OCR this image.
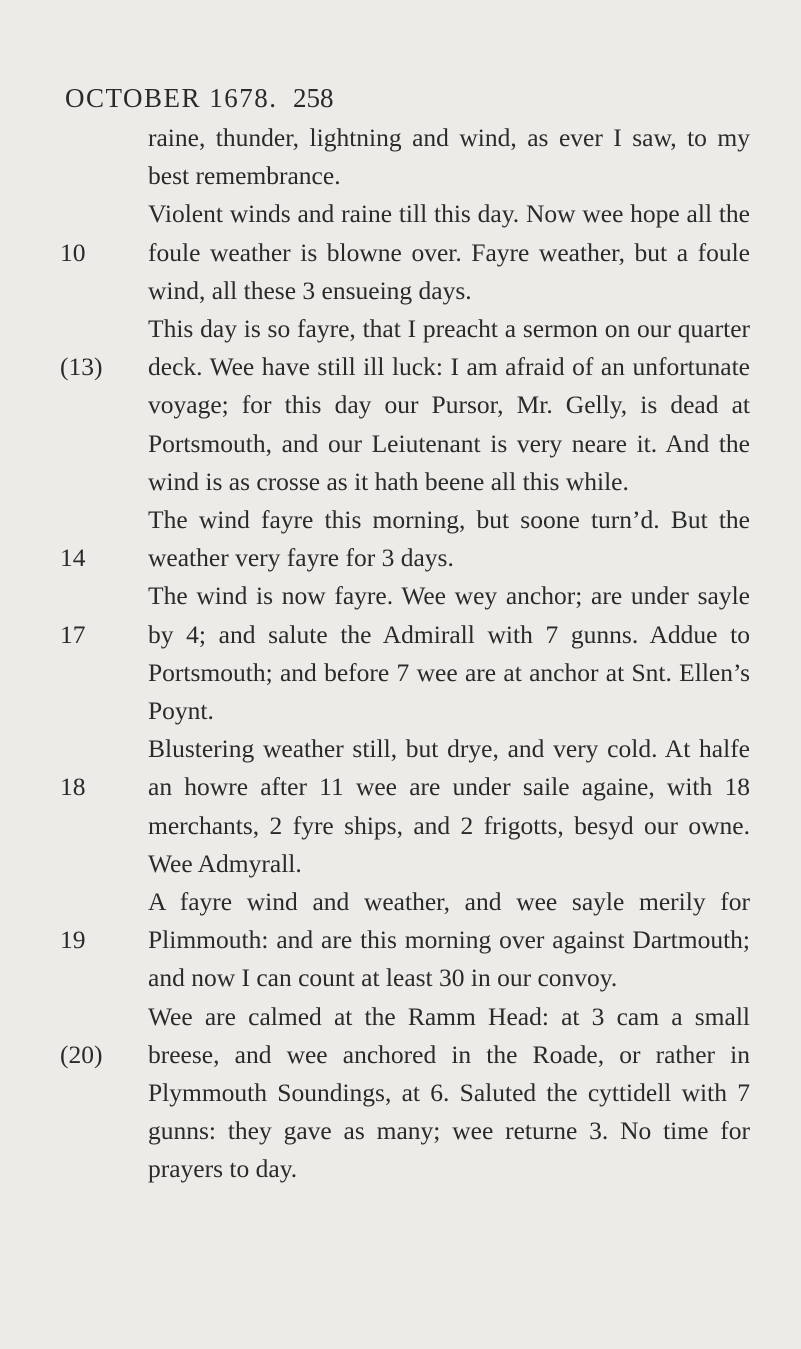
OCTOBER 1678. 258
raine, thunder, lightning and wind, as ever I saw, to my best remembrance.
10
Violent winds and raine till this day. Now wee hope all the foule weather is blowne over. Fayre weather, but a foule wind, all these 3 ensueing days.
(13)
This day is so fayre, that I preacht a sermon on our quarter deck. Wee have still ill luck: I am afraid of an unfortunate voyage; for this day our Pursor, Mr. Gelly, is dead at Portsmouth, and our Leiutenant is very neare it. And the wind is as crosse as it hath beene all this while.
14
The wind fayre this morning, but soone turn’d. But the weather very fayre for 3 days.
17
The wind is now fayre. Wee wey anchor; are under sayle by 4; and salute the Admirall with 7 gunns. Addue to Portsmouth; and before 7 wee are at anchor at Snt. Ellen’s Poynt.
18
Blustering weather still, but drye, and very cold. At halfe an howre after 11 wee are under saile againe, with 18 merchants, 2 fyre ships, and 2 frigotts, besyd our owne. Wee Admyrall.
19
A fayre wind and weather, and wee sayle merily for Plimmouth: and are this morning over against Dartmouth; and now I can count at least 30 in our convoy.
(20)
Wee are calmed at the Ramm Head: at 3 cam a small breese, and wee anchored in the Roade, or rather in Plymmouth Soundings, at 6. Saluted the cyttidell with 7 gunns: they gave as many; wee returne 3. No time for prayers to day.
